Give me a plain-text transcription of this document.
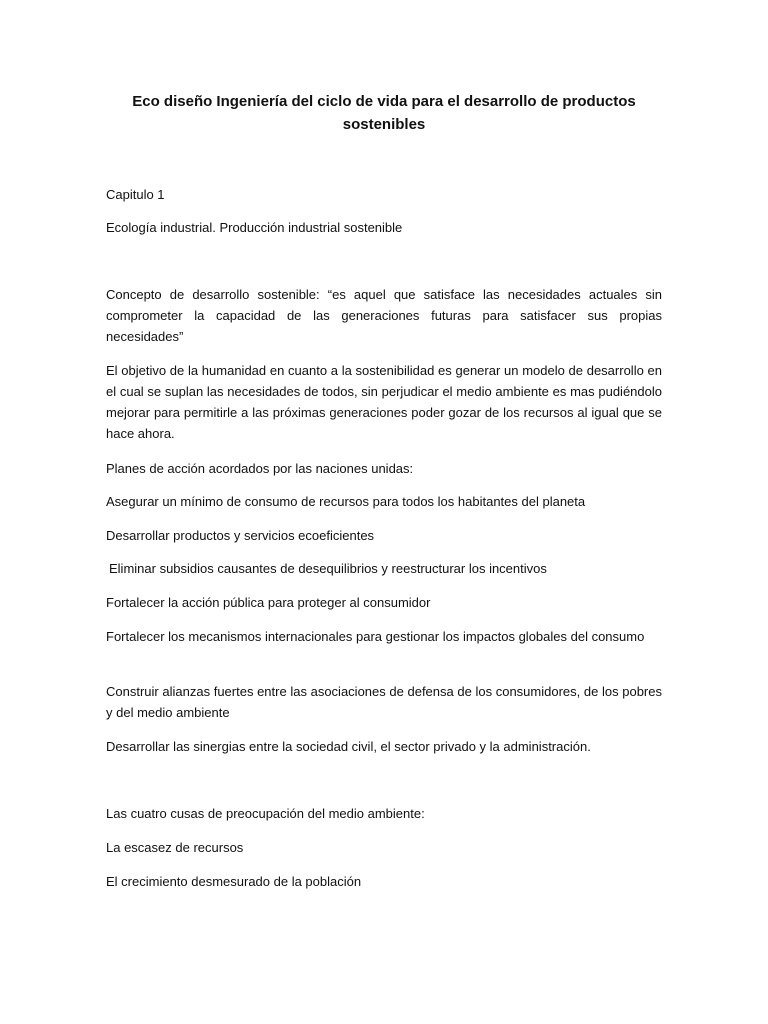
Eco diseño Ingeniería del ciclo de vida para el desarrollo de productos sostenibles

Capitulo 1

Ecología industrial. Producción industrial sostenible

Concepto de desarrollo sostenible: “es aquel que satisface las necesidades actuales sin comprometer la capacidad de las generaciones futuras para satisfacer sus propias necesidades”

El objetivo de la humanidad en cuanto a la sostenibilidad es generar un modelo de desarrollo en el cual se suplan las necesidades de todos, sin perjudicar el medio ambiente es mas pudiéndolo mejorar para permitirle a las próximas generaciones poder gozar de los recursos al igual que se hace ahora.

Planes de acción acordados por las naciones unidas:

Asegurar un mínimo de consumo de recursos para todos los habitantes del planeta

Desarrollar productos y servicios ecoeficientes

Eliminar subsidios causantes de desequilibrios y reestructurar los incentivos

Fortalecer la acción pública para proteger al consumidor

Fortalecer los mecanismos internacionales para gestionar los impactos globales del consumo

Construir alianzas fuertes entre las asociaciones de defensa de los consumidores, de los pobres y del medio ambiente

Desarrollar las sinergias entre la sociedad civil, el sector privado y la administración.

Las cuatro cusas de preocupación del medio ambiente:

La escasez de recursos

El crecimiento desmesurado de la población
